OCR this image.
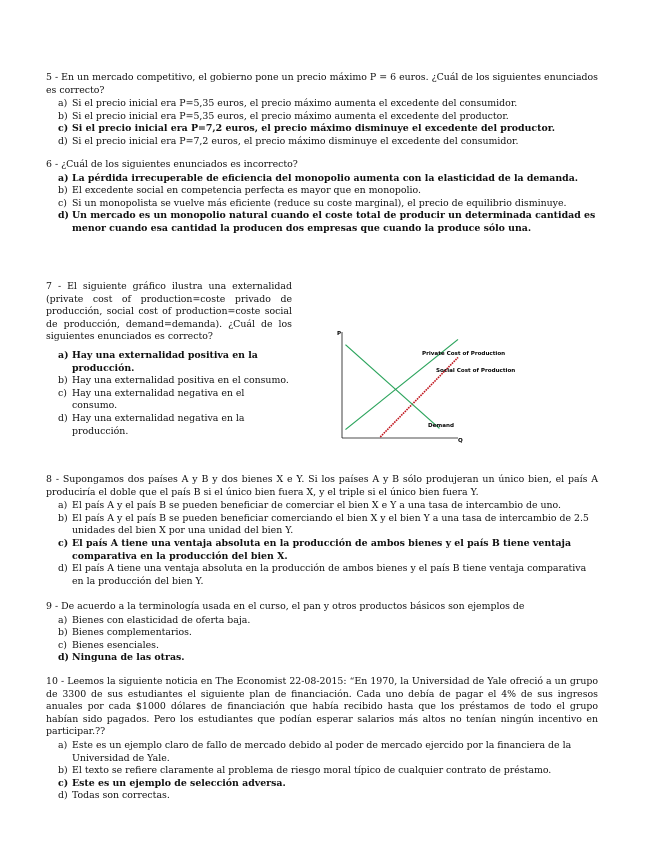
5 - En un mercado competitivo, el gobierno pone un precio máximo P = 6 euros. ¿Cuál de los siguientes enunciados es correcto?
a) Si el precio inicial era P=5,35 euros, el precio máximo aumenta el excedente del consumidor.
b) Si el precio inicial era P=5,35 euros, el precio máximo aumenta el excedente del productor.
c) Si el precio inicial era P=7,2 euros, el precio máximo disminuye el excedente del productor.
d) Si el precio inicial era P=7,2 euros, el precio máximo disminuye el excedente del consumidor.
6 - ¿Cuál de los siguientes enunciados es incorrecto?
a) La pérdida irrecuperable de eficiencia del monopolio aumenta con la elasticidad de la demanda.
b) El excedente social en competencia perfecta es mayor que en monopolio.
c) Si un monopolista se vuelve más eficiente (reduce su coste marginal), el precio de equilibrio disminuye.
d) Un mercado es un monopolio natural cuando el coste total de producir un determinada cantidad es menor cuando esa cantidad la producen dos empresas que cuando la produce sólo una.
7 - El siguiente gráfico ilustra una externalidad (private cost of production=coste privado de producción, social cost of production=coste social de producción, demand=demanda). ¿Cuál de los siguientes enunciados es correcto?
a) Hay una externalidad positiva en la producción.
b) Hay una externalidad positiva en el consumo.
c) Hay una externalidad negativa en el consumo.
d) Hay una externalidad negativa en la producción.
P
Q
Private Cost of Production
Social Cost of Production
Demand
8 - Supongamos dos países A y B y dos bienes X e Y. Si los países A y B sólo produjeran un único bien, el país A produciría el doble que el país B si el único bien fuera X, y el triple si el único bien fuera Y.
a) El país A y el país B se pueden beneficiar de comerciar el bien X e Y a una tasa de intercambio de uno.
b) El país A y el país B se pueden beneficiar comerciando el bien X y el bien Y a una tasa de intercambio de 2.5 unidades del bien X por una unidad del bien Y.
c) El país A tiene una ventaja absoluta en la producción de ambos bienes y el país B tiene ventaja comparativa en la producción del bien X.
d) El país A tiene una ventaja absoluta en la producción de ambos bienes y el país B tiene ventaja comparativa en la producción del bien Y.
9 - De acuerdo a la terminología usada en el curso, el pan y otros productos básicos son ejemplos de
a) Bienes con elasticidad de oferta baja.
b) Bienes complementarios.
c) Bienes esenciales.
d) Ninguna de las otras.
10 - Leemos la siguiente noticia en The Economist 22-08-2015: “En 1970, la Universidad de Yale ofreció a un grupo de 3300 de sus estudiantes el siguiente plan de financiación. Cada uno debía de pagar el 4% de sus ingresos anuales por cada $1000 dólares de financiación que había recibido hasta que los préstamos de todo el grupo habían sido pagados. Pero los estudiantes que podían esperar salarios más altos no tenían ningún incentivo en participar.??
a) Este es un ejemplo claro de fallo de mercado debido al poder de mercado ejercido por la financiera de la Universidad de Yale.
b) El texto se refiere claramente al problema de riesgo moral típico de cualquier contrato de préstamo.
c) Este es un ejemplo de selección adversa.
d) Todas son correctas.
